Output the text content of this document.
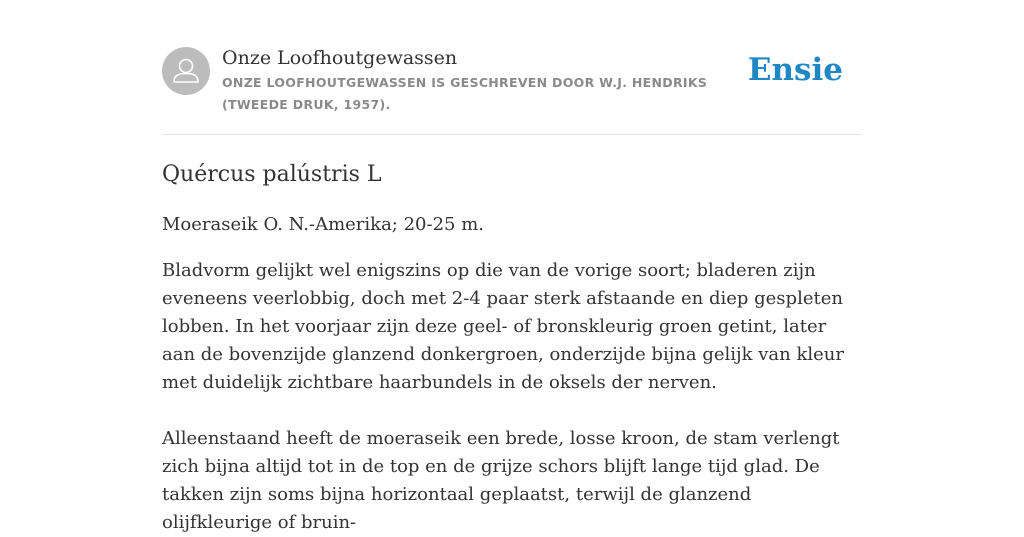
Onze Loofhoutgewassen
ONZE LOOFHOUTGEWASSEN IS GESCHREVEN DOOR W.J. HENDRIKS (TWEEDE DRUK, 1957).
Ensie
Quércus palústris L

Moeraseik O. N.-Amerika; 20-25 m.

Bladvorm gelijkt wel enigszins op die van de vorige soort; bladeren zijn eveneens veerlobbig, doch met 2-4 paar sterk afstaande en diep gespleten lobben. In het voorjaar zijn deze geel- of bronskleurig groen getint, later aan de bovenzijde glanzend donkergroen, onderzijde bijna gelijk van kleur met duidelijk zichtbare haarbundels in de oksels der nerven.

Alleenstaand heeft de moeraseik een brede, losse kroon, de stam verlengt zich bijna altijd tot in de top en de grijze schors blijft lange tijd glad. De takken zijn soms bijna horizontaal geplaatst, terwijl de glanzend olijfkleurige of bruin-
